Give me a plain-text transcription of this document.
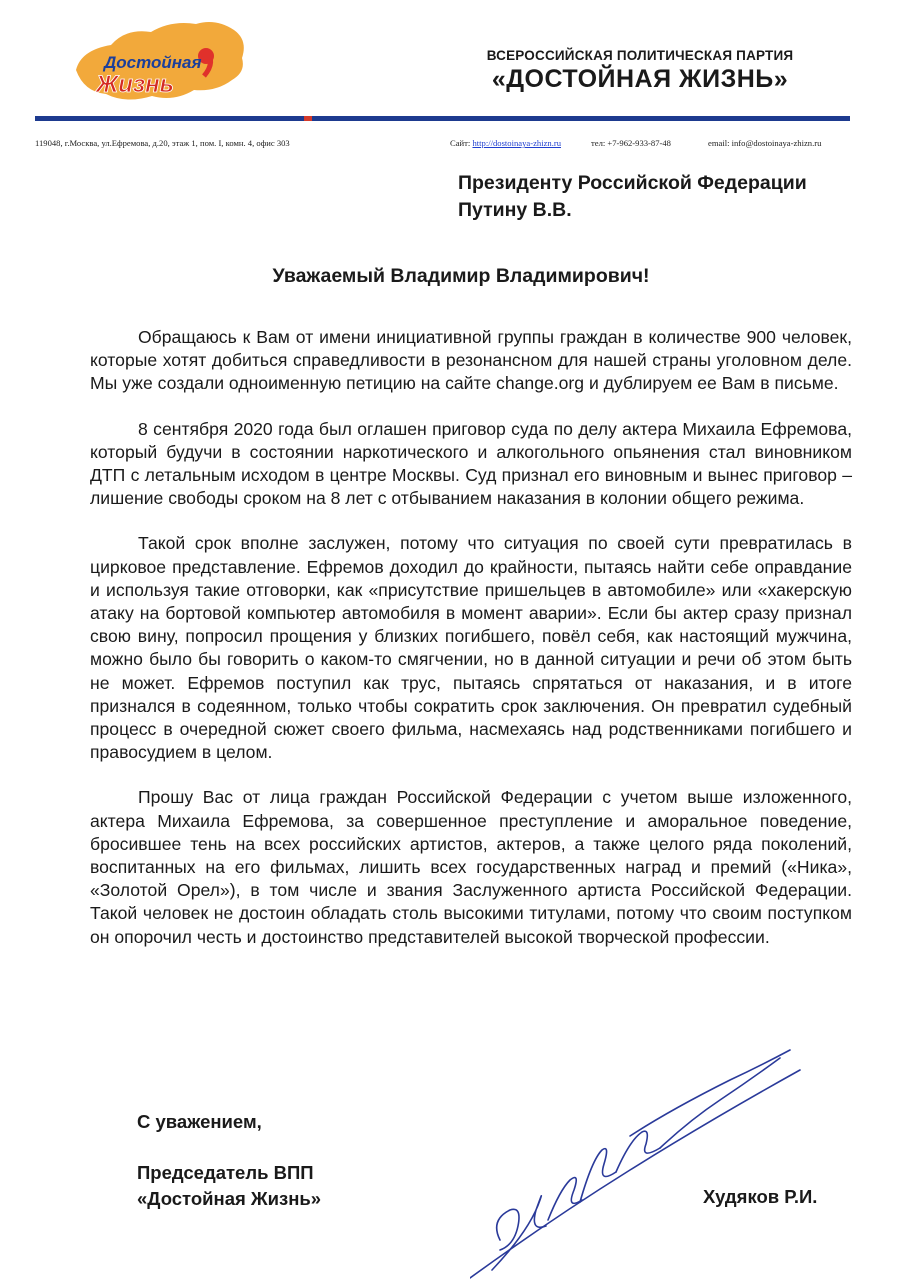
Достойная
Жизнь
ВСЕРОССИЙСКАЯ ПОЛИТИЧЕСКАЯ ПАРТИЯ
«ДОСТОЙНАЯ ЖИЗНЬ»
119048, г.Москва, ул.Ефремова, д.20, этаж 1, пом. I, комн. 4, офис 303	Сайт: http://dostoinaya-zhizn.ru	тел: +7-962-933-87-48	email: info@dostoinaya-zhizn.ru
Президенту Российской Федерации
Путину В.В.
Уважаемый Владимир Владимирович!

Обращаюсь к Вам от имени инициативной группы граждан в количестве 900 человек, которые хотят добиться справедливости в резонансном для нашей страны уголовном деле. Мы уже создали одноименную петицию на сайте change.org и дублируем ее Вам в письме.

8 сентября 2020 года был оглашен приговор суда по делу актера Михаила Ефремова, который будучи в состоянии наркотического и алкогольного опьянения стал виновником ДТП с летальным исходом в центре Москвы. Суд признал его виновным и вынес приговор – лишение свободы сроком на 8 лет с отбыванием наказания в колонии общего режима.

Такой срок вполне заслужен, потому что ситуация по своей сути превратилась в цирковое представление. Ефремов доходил до крайности, пытаясь найти себе оправдание и используя такие отговорки, как «присутствие пришельцев в автомобиле» или «хакерскую атаку на бортовой компьютер автомобиля в момент аварии». Если бы актер сразу признал свою вину, попросил прощения у близких погибшего, повёл себя, как настоящий мужчина, можно было бы говорить о каком-то смягчении, но в данной ситуации и речи об этом быть не может. Ефремов поступил как трус, пытаясь спрятаться от наказания, и в итоге признался в содеянном, только чтобы сократить срок заключения. Он превратил судебный процесс в очередной сюжет своего фильма, насмехаясь над родственниками погибшего и правосудием в целом.

Прошу Вас от лица граждан Российской Федерации с учетом выше изложенного, актера Михаила Ефремова, за совершенное преступление и аморальное поведение, бросившее тень на всех российских артистов, актеров, а также целого ряда поколений, воспитанных на его фильмах, лишить всех государственных наград и премий («Ника», «Золотой Орел»), в том числе и звания Заслуженного артиста Российской Федерации. Такой человек не достоин обладать столь высокими титулами, потому что своим поступком он опорочил честь и достоинство представителей высокой творческой профессии.

С уважением,
Председатель ВПП
«Достойная Жизнь»	Худяков Р.И.
